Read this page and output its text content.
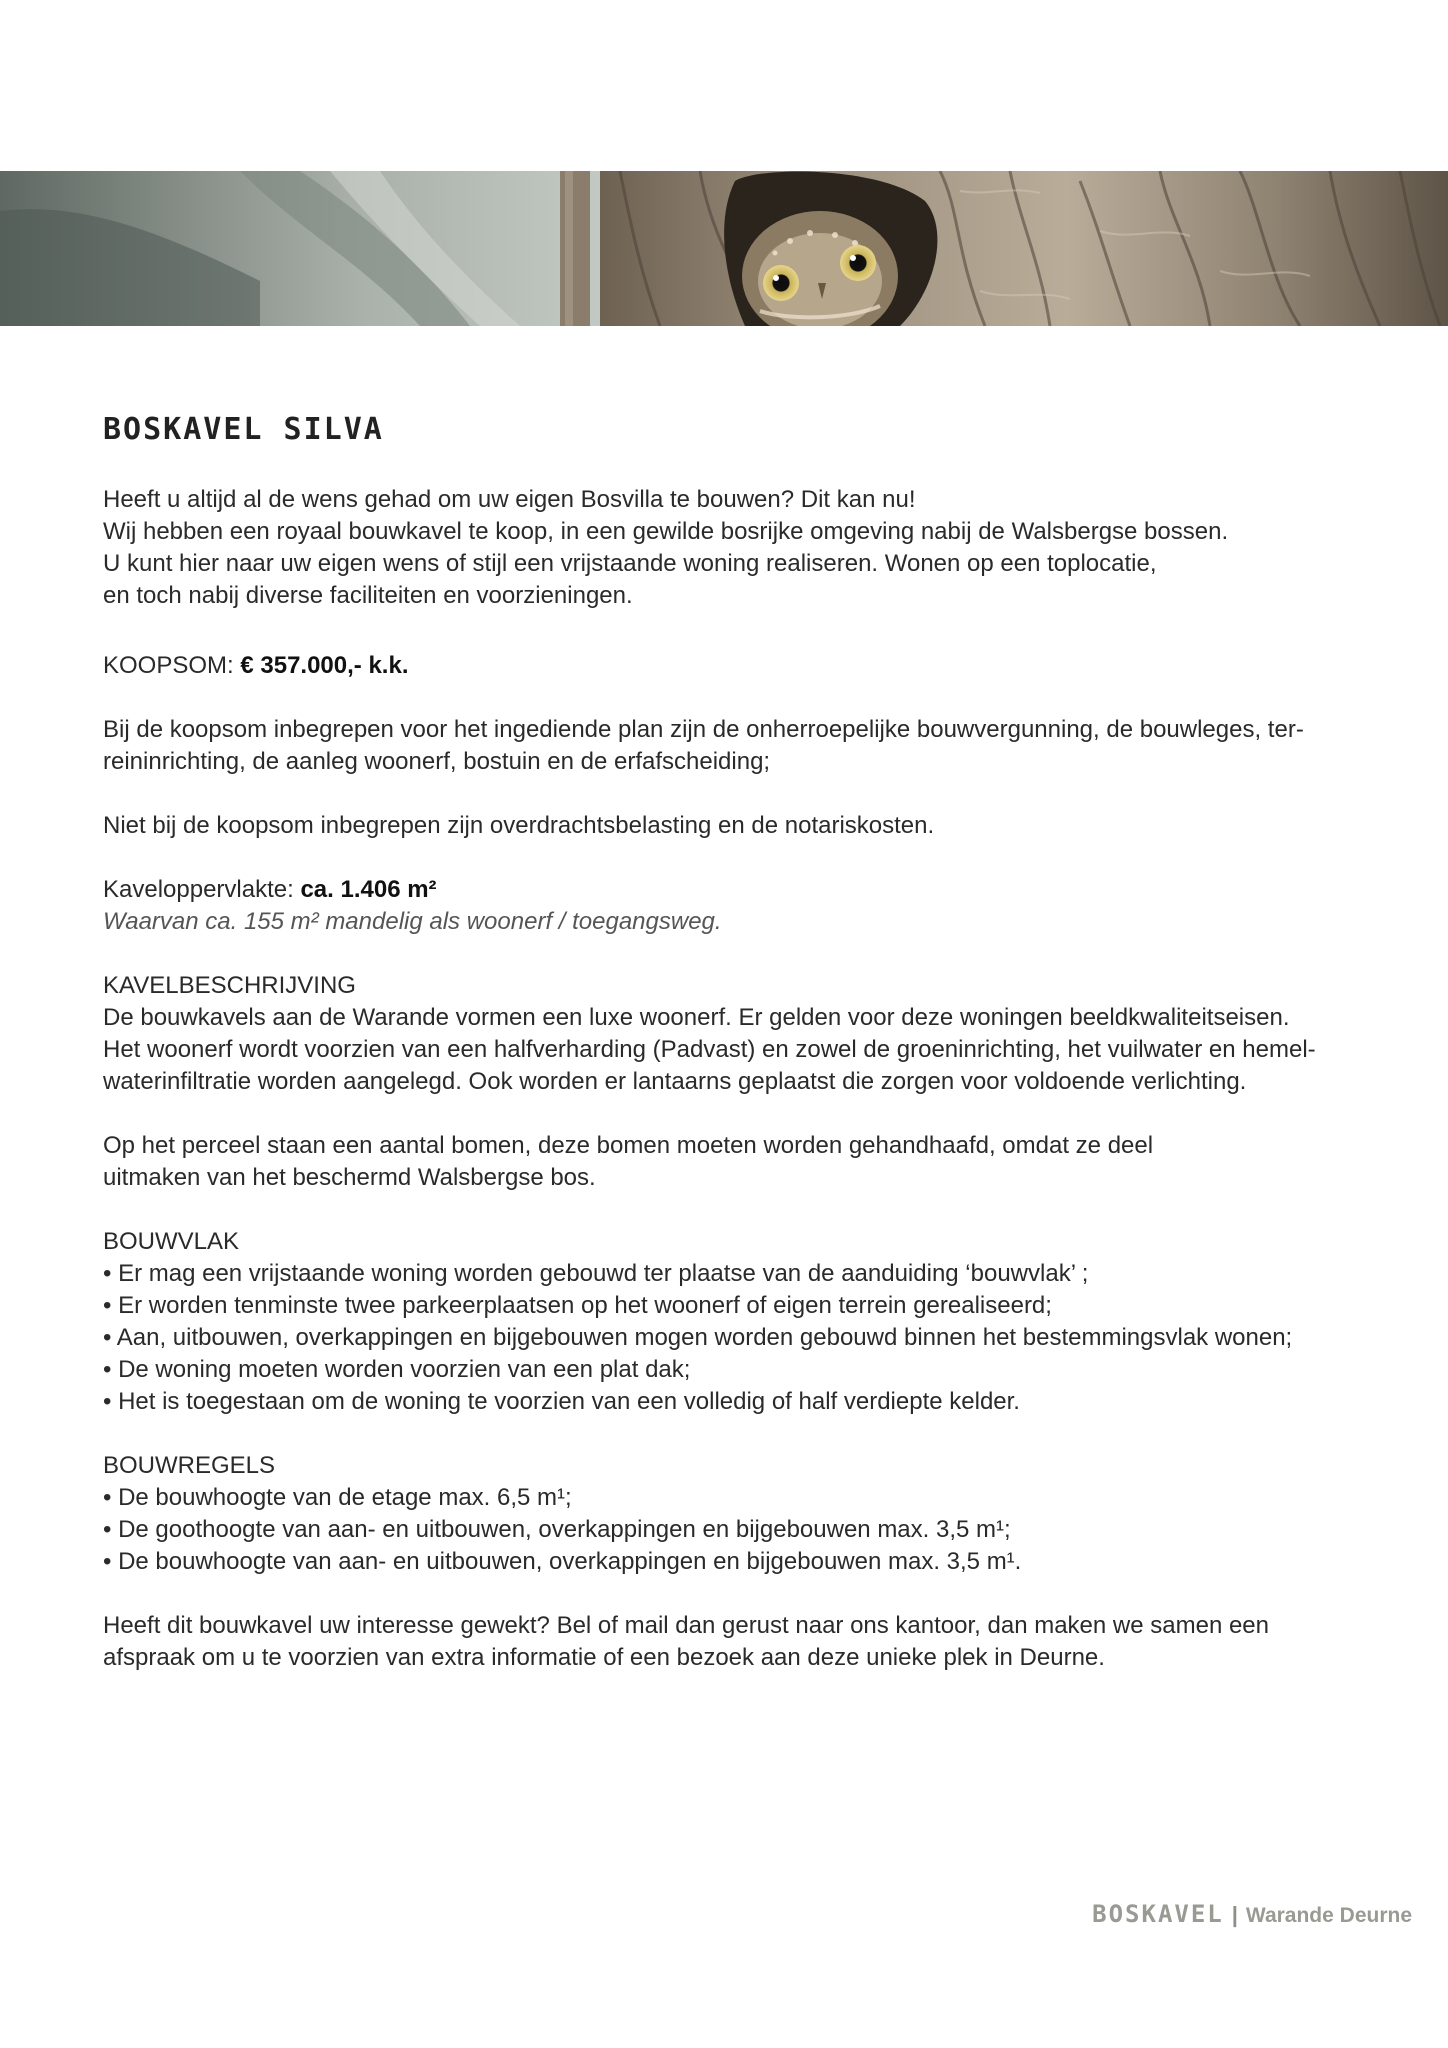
BOSKAVEL SILVA

Heeft u altijd al de wens gehad om uw eigen Bosvilla te bouwen? Dit kan nu!

Wij hebben een royaal bouwkavel te koop, in een gewilde bosrijke omgeving nabij de Walsbergse bossen.

U kunt hier naar uw eigen wens of stijl een vrijstaande woning realiseren. Wonen op een toplocatie,

en toch nabij diverse faciliteiten en voorzieningen.

KOOPSOM: € 357.000,- k.k.

Bij de koopsom inbegrepen voor het ingediende plan zijn de onherroepelijke bouwvergunning, de bouwleges, ter-

reininrichting, de aanleg woonerf, bostuin en de erfafscheiding;

Niet bij de koopsom inbegrepen zijn overdrachtsbelasting en de notariskosten.

Kaveloppervlakte: ca. 1.406 m²

Waarvan ca. 155 m² mandelig als woonerf / toegangsweg.

KAVELBESCHRIJVING

De bouwkavels aan de Warande vormen een luxe woonerf. Er gelden voor deze woningen beeldkwaliteitseisen.

Het woonerf wordt voorzien van een halfverharding (Padvast) en zowel de groeninrichting, het vuilwater en hemel-

waterinfiltratie worden aangelegd. Ook worden er lantaarns geplaatst die zorgen voor voldoende verlichting.

Op het perceel staan een aantal bomen, deze bomen moeten worden gehandhaafd, omdat ze deel

uitmaken van het beschermd Walsbergse bos.

BOUWVLAK

• Er mag een vrijstaande woning worden gebouwd ter plaatse van de aanduiding ‘bouwvlak’ ;

• Er worden tenminste twee parkeerplaatsen op het woonerf of eigen terrein gerealiseerd;

• Aan, uitbouwen, overkappingen en bijgebouwen mogen worden gebouwd binnen het bestemmingsvlak wonen;

• De woning moeten worden voorzien van een plat dak;

• Het is toegestaan om de woning te voorzien van een volledig of half verdiepte kelder.

BOUWREGELS

• De bouwhoogte van de etage max. 6,5 m¹;

• De goothoogte van aan- en uitbouwen, overkappingen en bijgebouwen max. 3,5 m¹;

• De bouwhoogte van aan- en uitbouwen, overkappingen en bijgebouwen max. 3,5 m¹.

Heeft dit bouwkavel uw interesse gewekt? Bel of mail dan gerust naar ons kantoor, dan maken we samen een

afspraak om u te voorzien van extra informatie of een bezoek aan deze unieke plek in Deurne.

BOSKAVEL | Warande Deurne
